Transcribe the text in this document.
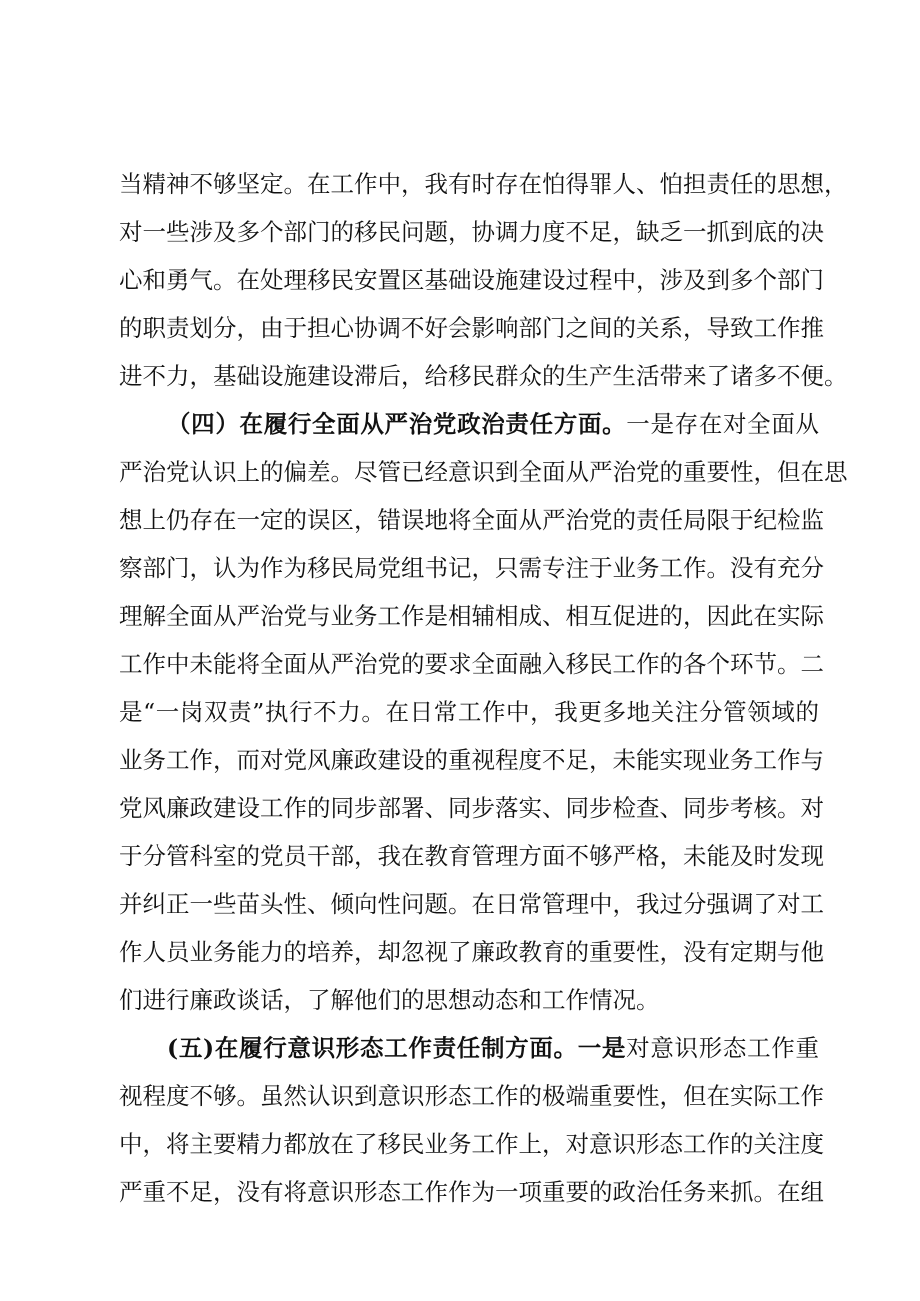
当精神不够坚定。在工作中，我有时存在怕得罪人、怕担责任的思想，
对一些涉及多个部门的移民问题，协调力度不足，缺乏一抓到底的决
心和勇气。在处理移民安置区基础设施建设过程中，涉及到多个部门
的职责划分，由于担心协调不好会影响部门之间的关系，导致工作推
进不力，基础设施建设滞后，给移民群众的生产生活带来了诸多不便。
（四）在履行全面从严治党政治责任方面。一是存在对全面从
严治党认识上的偏差。尽管已经意识到全面从严治党的重要性，但在思
想上仍存在一定的误区，错误地将全面从严治党的责任局限于纪检监
察部门，认为作为移民局党组书记，只需专注于业务工作。没有充分
理解全面从严治党与业务工作是相辅相成、相互促进的，因此在实际
工作中未能将全面从严治党的要求全面融入移民工作的各个环节。二
是“一岗双责”执行不力。在日常工作中，我更多地关注分管领域的
业务工作，而对党风廉政建设的重视程度不足，未能实现业务工作与
党风廉政建设工作的同步部署、同步落实、同步检查、同步考核。对
于分管科室的党员干部，我在教育管理方面不够严格，未能及时发现
并纠正一些苗头性、倾向性问题。在日常管理中，我过分强调了对工
作人员业务能力的培养，却忽视了廉政教育的重要性，没有定期与他
们进行廉政谈话，了解他们的思想动态和工作情况。
(五)在履行意识形态工作责任制方面。一是对意识形态工作重
视程度不够。虽然认识到意识形态工作的极端重要性，但在实际工作
中，将主要精力都放在了移民业务工作上，对意识形态工作的关注度
严重不足，没有将意识形态工作作为一项重要的政治任务来抓。在组
